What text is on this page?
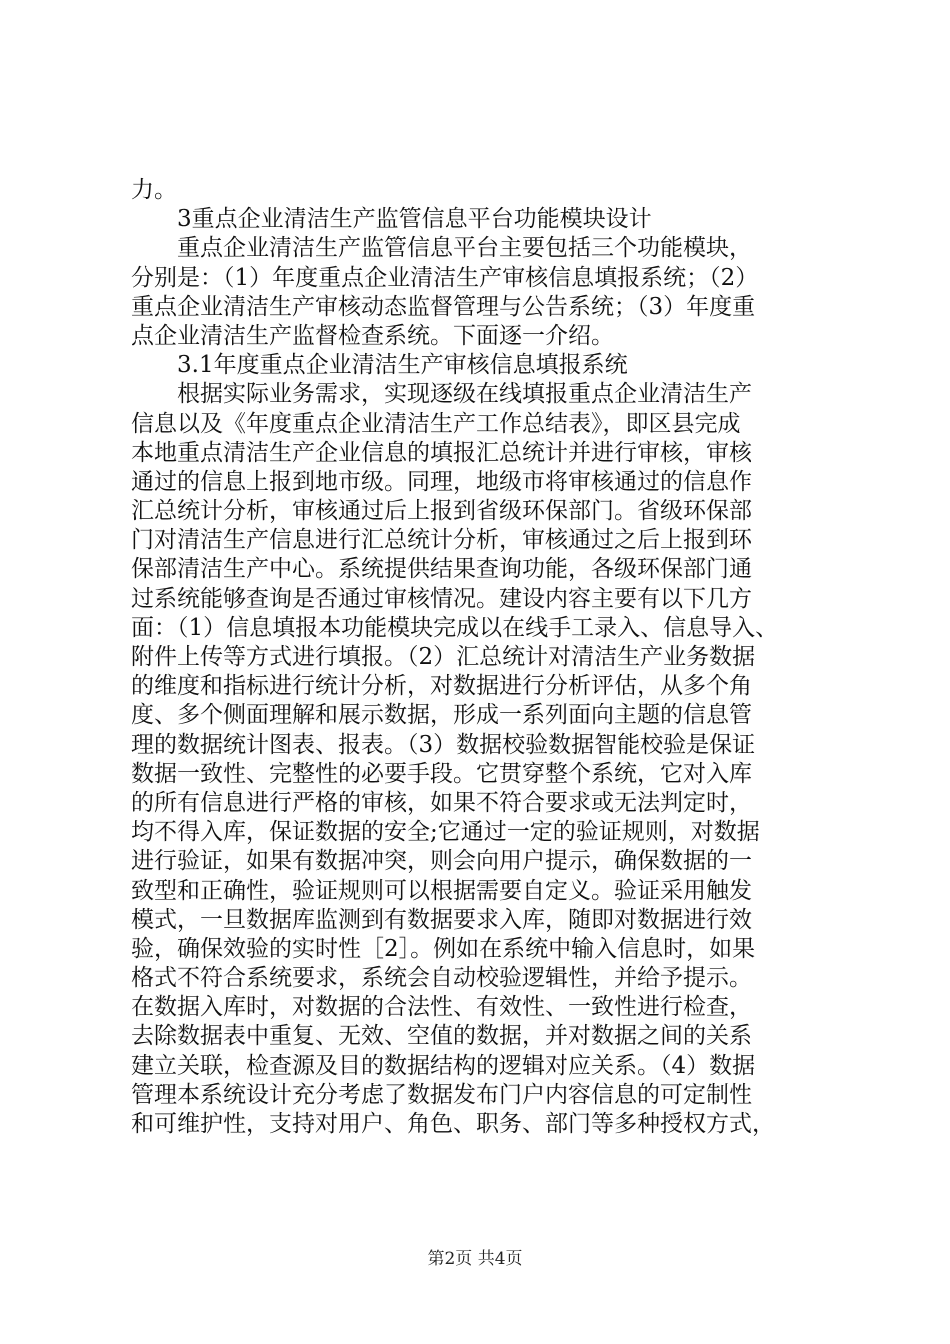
力。
3重点企业清洁生产监管信息平台功能模块设计
重点企业清洁生产监管信息平台主要包括三个功能模块，
分别是：（1）年度重点企业清洁生产审核信息填报系统；（2）
重点企业清洁生产审核动态监督管理与公告系统；（3）年度重
点企业清洁生产监督检查系统。下面逐一介绍。
3.1年度重点企业清洁生产审核信息填报系统
根据实际业务需求，实现逐级在线填报重点企业清洁生产
信息以及《年度重点企业清洁生产工作总结表》，即区县完成
本地重点清洁生产企业信息的填报汇总统计并进行审核，审核
通过的信息上报到地市级。同理，地级市将审核通过的信息作
汇总统计分析，审核通过后上报到省级环保部门。省级环保部
门对清洁生产信息进行汇总统计分析，审核通过之后上报到环
保部清洁生产中心。系统提供结果查询功能，各级环保部门通
过系统能够查询是否通过审核情况。建设内容主要有以下几方
面：（1）信息填报本功能模块完成以在线手工录入、信息导入、
附件上传等方式进行填报。（2）汇总统计对清洁生产业务数据
的维度和指标进行统计分析，对数据进行分析评估，从多个角
度、多个侧面理解和展示数据，形成一系列面向主题的信息管
理的数据统计图表、报表。（3）数据校验数据智能校验是保证
数据一致性、完整性的必要手段。它贯穿整个系统，它对入库
的所有信息进行严格的审核，如果不符合要求或无法判定时，
均不得入库，保证数据的安全;它通过一定的验证规则，对数据
进行验证，如果有数据冲突，则会向用户提示，确保数据的一
致型和正确性，验证规则可以根据需要自定义。验证采用触发
模式，一旦数据库监测到有数据要求入库，随即对数据进行效
验，确保效验的实时性［2］。例如在系统中输入信息时，如果
格式不符合系统要求，系统会自动校验逻辑性，并给予提示。
在数据入库时，对数据的合法性、有效性、一致性进行检查，
去除数据表中重复、无效、空值的数据，并对数据之间的关系
建立关联，检查源及目的数据结构的逻辑对应关系。（4）数据
管理本系统设计充分考虑了数据发布门户内容信息的可定制性
和可维护性，支持对用户、角色、职务、部门等多种授权方式，
第2页 共4页
